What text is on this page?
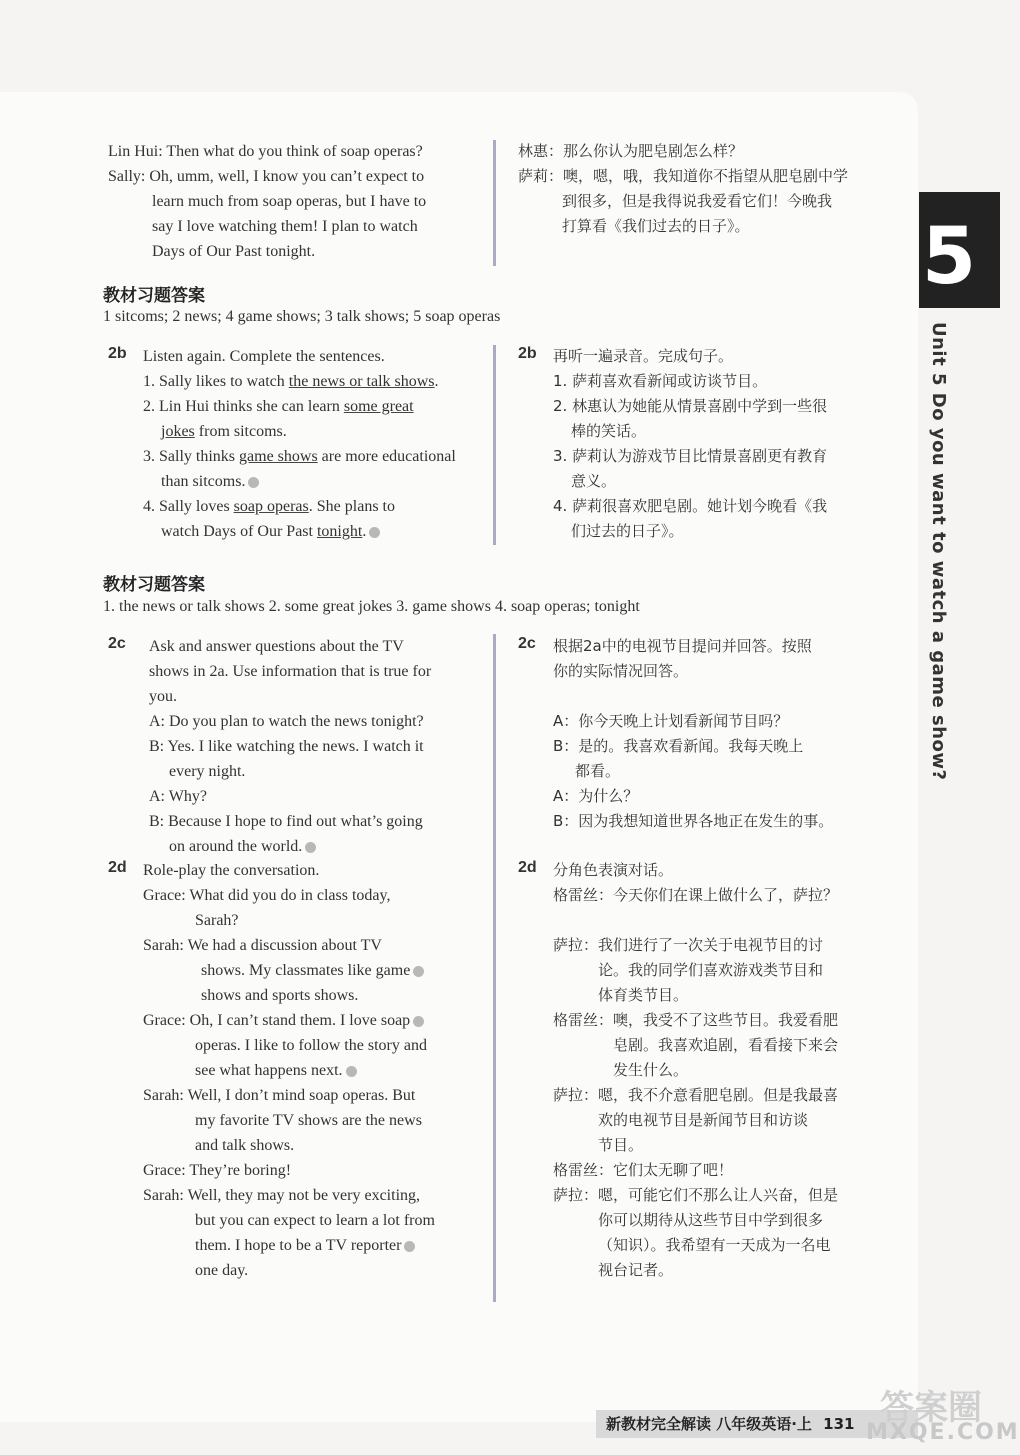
Lin Hui: Then what do you think of soap operas?
Sally: Oh, umm, well, I know you can’t expect to
learn much from soap operas, but I have to
say I love watching them! I plan to watch
Days of Our Past tonight.
林惠：那么你认为肥皂剧怎么样？
萨莉：噢，嗯，哦，我知道你不指望从肥皂剧中学
到很多，但是我得说我爱看它们！今晚我
打算看《我们过去的日子》。
教材习题答案
1 sitcoms; 2 news; 4 game shows; 3 talk shows; 5 soap operas
2b Listen again. Complete the sentences.
1. Sally likes to watch the news or talk shows.
2. Lin Hui thinks she can learn some great
jokes from sitcoms.
3. Sally thinks game shows are more educational
than sitcoms.
4. Sally loves soap operas. She plans to
watch Days of Our Past tonight.
2b 再听一遍录音。完成句子。
1. 萨莉喜欢看新闻或访谈节目。
2. 林惠认为她能从情景喜剧中学到一些很
棒的笑话。
3. 萨莉认为游戏节目比情景喜剧更有教育
意义。
4. 萨莉很喜欢肥皂剧。她计划今晚看《我
们过去的日子》。
教材习题答案
1. the news or talk shows 2. some great jokes 3. game shows 4. soap operas; tonight
2c Ask and answer questions about the TV
shows in 2a. Use information that is true for
you.
A: Do you plan to watch the news tonight?
B: Yes. I like watching the news. I watch it
every night.
A: Why?
B: Because I hope to find out what’s going
on around the world.
2c 根据2a中的电视节目提问并回答。按照
你的实际情况回答。
A：你今天晚上计划看新闻节目吗？
B：是的。我喜欢看新闻。我每天晚上
都看。
A：为什么？
B：因为我想知道世界各地正在发生的事。
2d Role-play the conversation.
Grace: What did you do in class today,
Sarah?
Sarah: We had a discussion about TV
shows. My classmates like game
shows and sports shows.
Grace: Oh, I can’t stand them. I love soap
operas. I like to follow the story and
see what happens next.
Sarah: Well, I don’t mind soap operas. But
my favorite TV shows are the news
and talk shows.
Grace: They’re boring!
Sarah: Well, they may not be very exciting,
but you can expect to learn a lot from
them. I hope to be a TV reporter
one day.
2d 分角色表演对话。
格雷丝：今天你们在课上做什么了，萨拉？
萨拉：我们进行了一次关于电视节目的讨
论。我的同学们喜欢游戏类节目和
体育类节目。
格雷丝：噢，我受不了这些节目。我爱看肥
皂剧。我喜欢追剧，看看接下来会
发生什么。
萨拉：嗯，我不介意看肥皂剧。但是我最喜
欢的电视节目是新闻节目和访谈
节目。
格雷丝：它们太无聊了吧！
萨拉：嗯，可能它们不那么让人兴奋，但是
你可以期待从这些节目中学到很多
（知识）。我希望有一天成为一名电
视台记者。
5
Unit 5 Do you want to watch a game show?
新教材完全解读 八年级英语·上 131 答案圈
MXQE.COM
